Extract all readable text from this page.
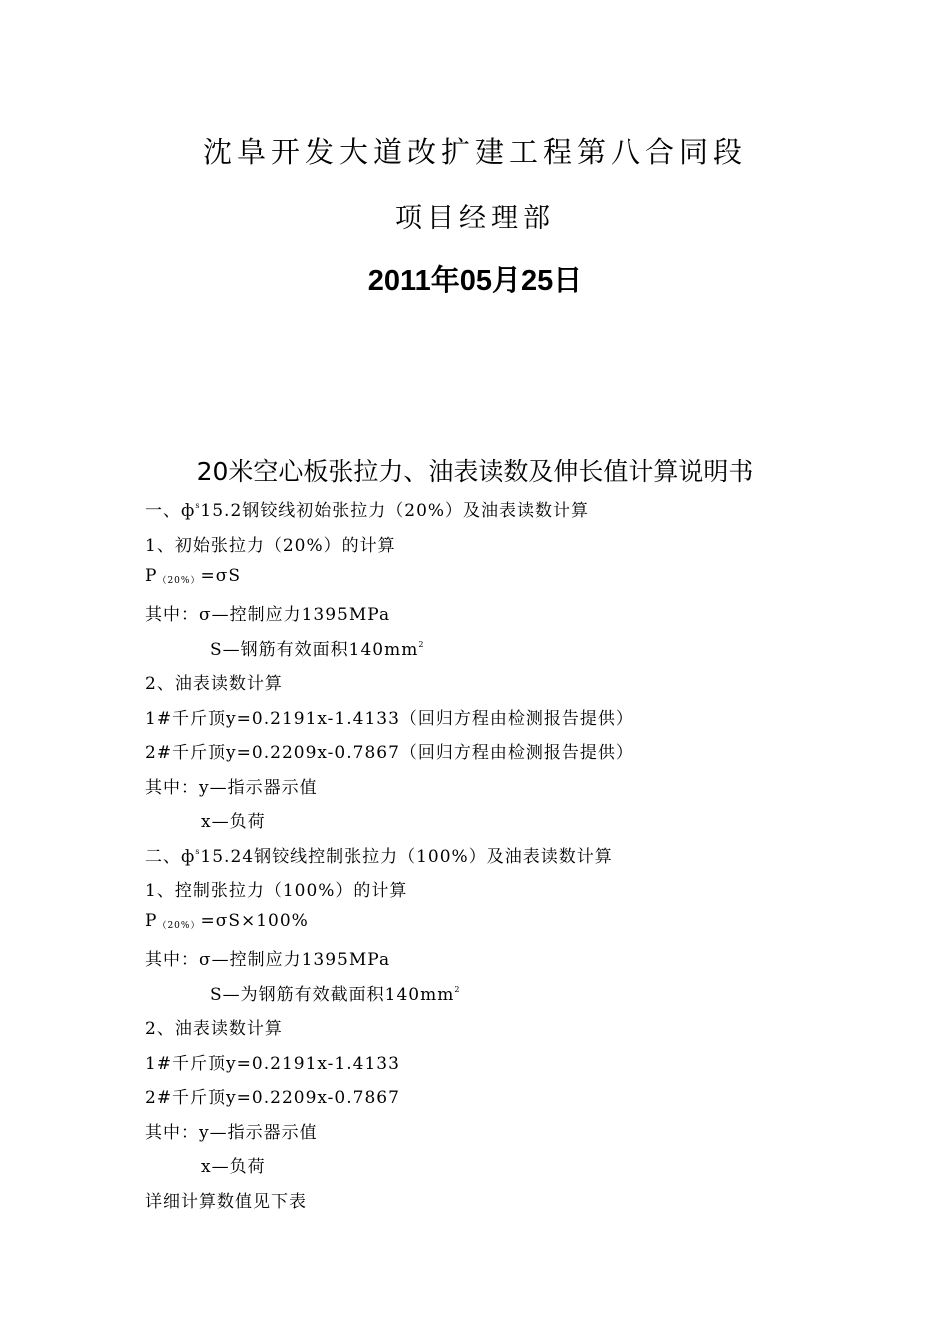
沈阜开发大道改扩建工程第八合同段
项目经理部
2011年05月25日
20米空心板张拉力、油表读数及伸长值计算说明书
一、$ф^s15.2$钢铰线初始张拉力（20%）及油表读数计算
1、初始张拉力（20%）的计算
$P_{(20\%)}=\sigma S$
其中：σ—控制应力1395MPa
S—钢筋有效面积$140mm^2$
2、油表读数计算
1#千斤顶y=0.2191x-1.4133（回归方程由检测报告提供）
2#千斤顶y=0.2209x-0.7867（回归方程由检测报告提供）
其中：y—指示器示值
x—负荷
二、$ф^s15.24$钢铰线控制张拉力（100%）及油表读数计算
1、控制张拉力（100%）的计算
$P_{(20\%)}=\sigma S\times 100\%$
其中：σ—控制应力1395MPa
S—为钢筋有效截面积$140mm^2$
2、油表读数计算
1#千斤顶y=0.2191x-1.4133
2#千斤顶y=0.2209x-0.7867
其中：y—指示器示值
x—负荷
详细计算数值见下表
